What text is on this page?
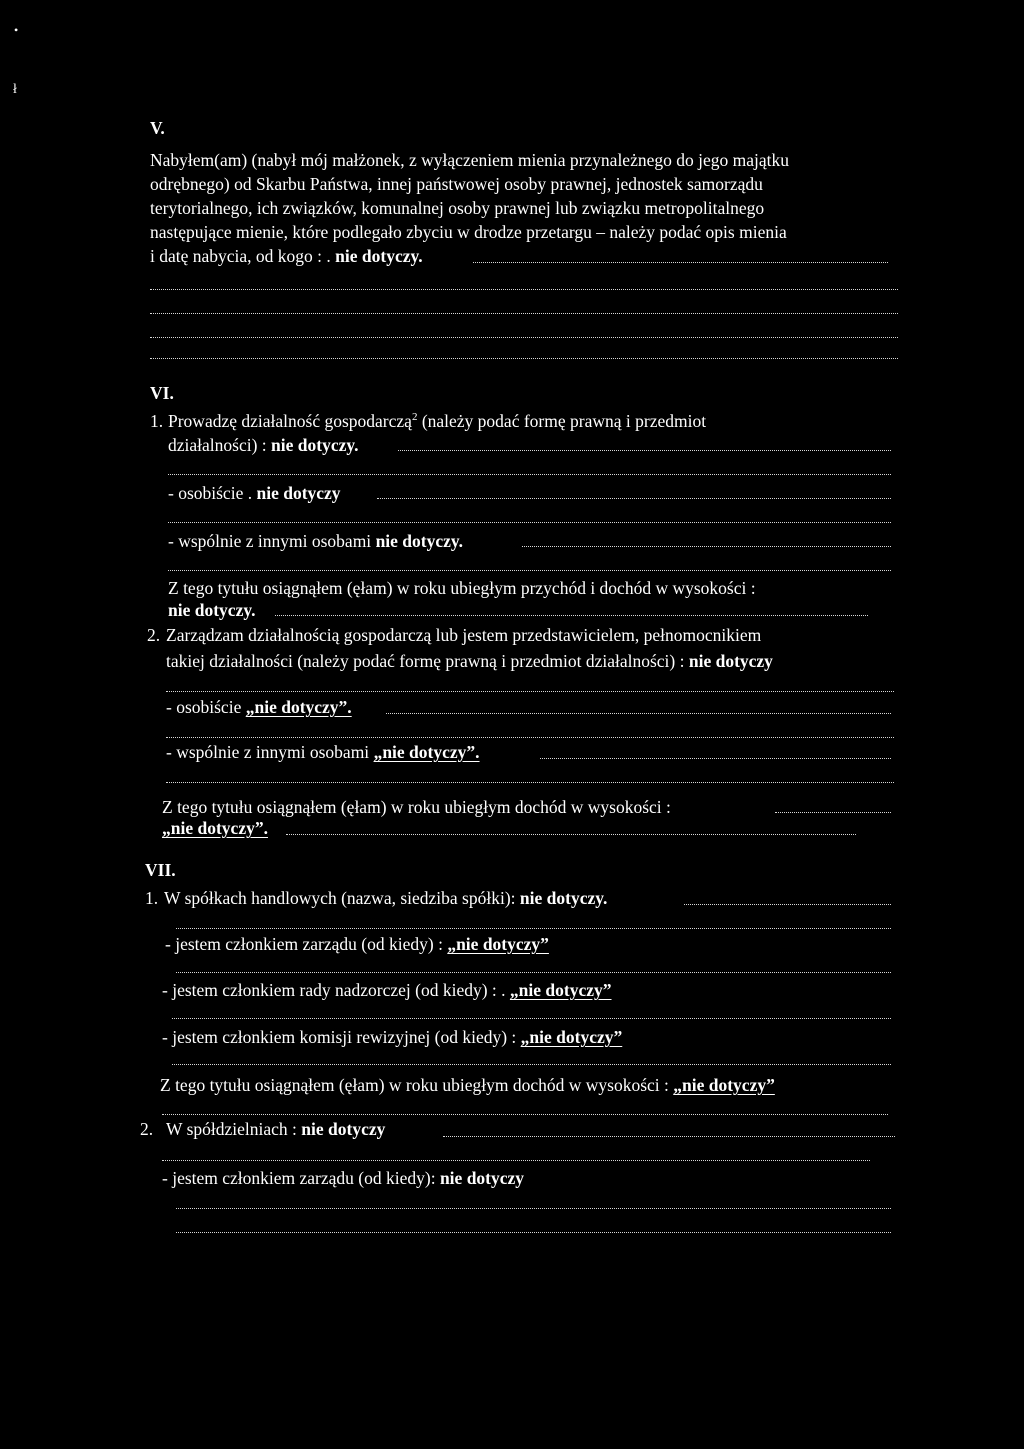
•
ł
V.
Nabyłem(am) (nabył mój małżonek, z wyłączeniem mienia przynależnego do jego majątku
odrębnego) od Skarbu Państwa, innej państwowej osoby prawnej, jednostek samorządu
terytorialnego, ich związków, komunalnej osoby prawnej lub związku metropolitalnego
następujące mienie, które podlegało zbyciu w drodze przetargu – należy podać opis mienia
i datę nabycia, od kogo : . nie dotyczy.
VI.
1. Prowadzę działalność gospodarczą$^2$ (należy podać formę prawną i przedmiot
działalności) : nie dotyczy.
- osobiście . nie dotyczy
- wspólnie z innymi osobami nie dotyczy.
Z tego tytułu osiągnąłem (ęłam) w roku ubiegłym przychód i dochód w wysokości :
nie dotyczy.
2. Zarządzam działalnością gospodarczą lub jestem przedstawicielem, pełnomocnikiem
takiej działalności (należy podać formę prawną i przedmiot działalności) : nie dotyczy
- osobiście „nie dotyczy”.
- wspólnie z innymi osobami „nie dotyczy”.
Z tego tytułu osiągnąłem (ęłam) w roku ubiegłym dochód w wysokości :
„nie dotyczy”.
VII.
1. W spółkach handlowych (nazwa, siedziba spółki): nie dotyczy.
- jestem członkiem zarządu (od kiedy) : „nie dotyczy”
- jestem członkiem rady nadzorczej (od kiedy) : . „nie dotyczy”
- jestem członkiem komisji rewizyjnej (od kiedy) : „nie dotyczy”
Z tego tytułu osiągnąłem (ęłam) w roku ubiegłym dochód w wysokości : „nie dotyczy”
2. W spółdzielniach : nie dotyczy
- jestem członkiem zarządu (od kiedy): nie dotyczy
